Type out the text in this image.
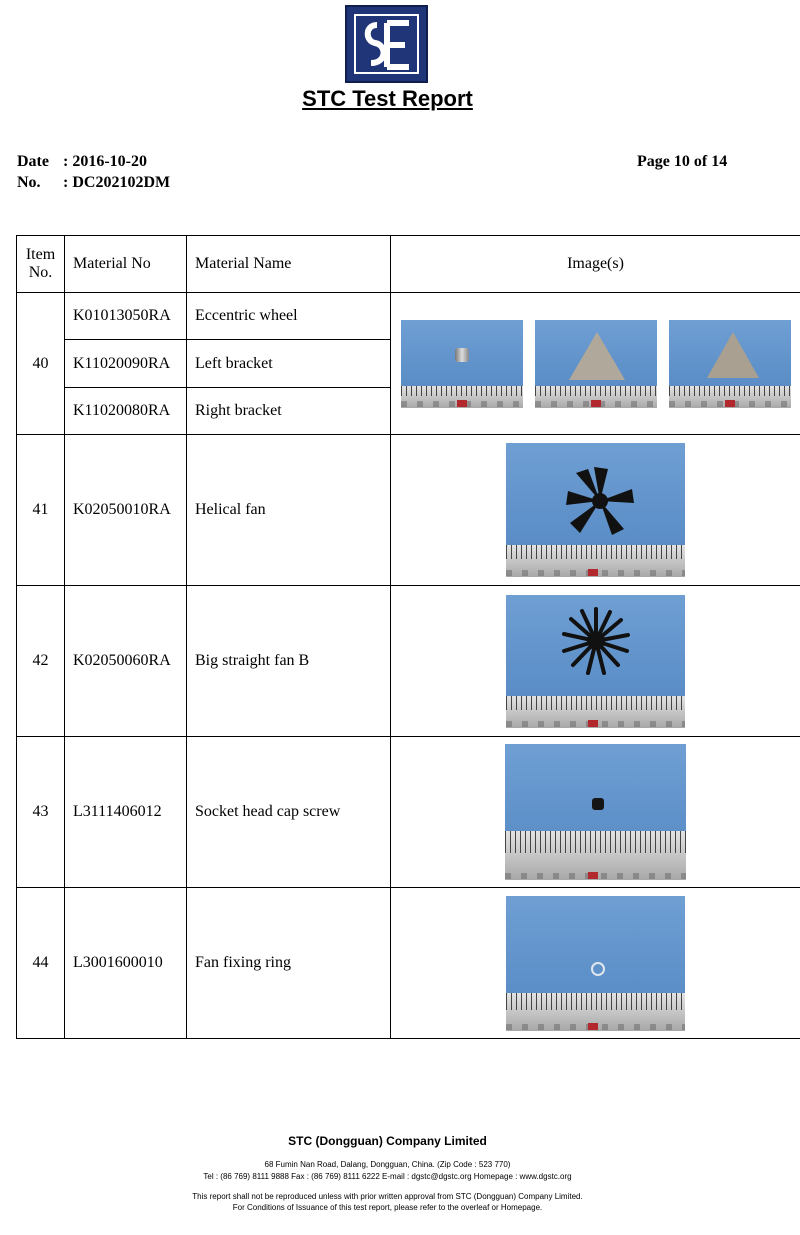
STC Test Report
Date : 2016-10-20
No. : DC202102DM
Page 10 of 14
Item
No.	Material No	Material Name	Image(s)
40	K01013050RA	Eccentric wheel	

	K11020090RA	Left bracket	
	K11020080RA	Right bracket	
41	K02050010RA	Helical fan	

42	K02050060RA	Big straight fan B	

43	L3111406012	Socket head cap screw	

44	L3001600010	Fan fixing ring	
STC (Dongguan) Company Limited
68 Fumin Nan Road, Dalang, Dongguan, China. (Zip Code : 523 770)
Tel : (86 769) 8111 9888 Fax : (86 769) 8111 6222 E-mail : dgstc@dgstc.org Homepage : www.dgstc.org
This report shall not be reproduced unless with prior written approval from STC (Dongguan) Company Limited.
For Conditions of Issuance of this test report, please refer to the overleaf or Homepage.
